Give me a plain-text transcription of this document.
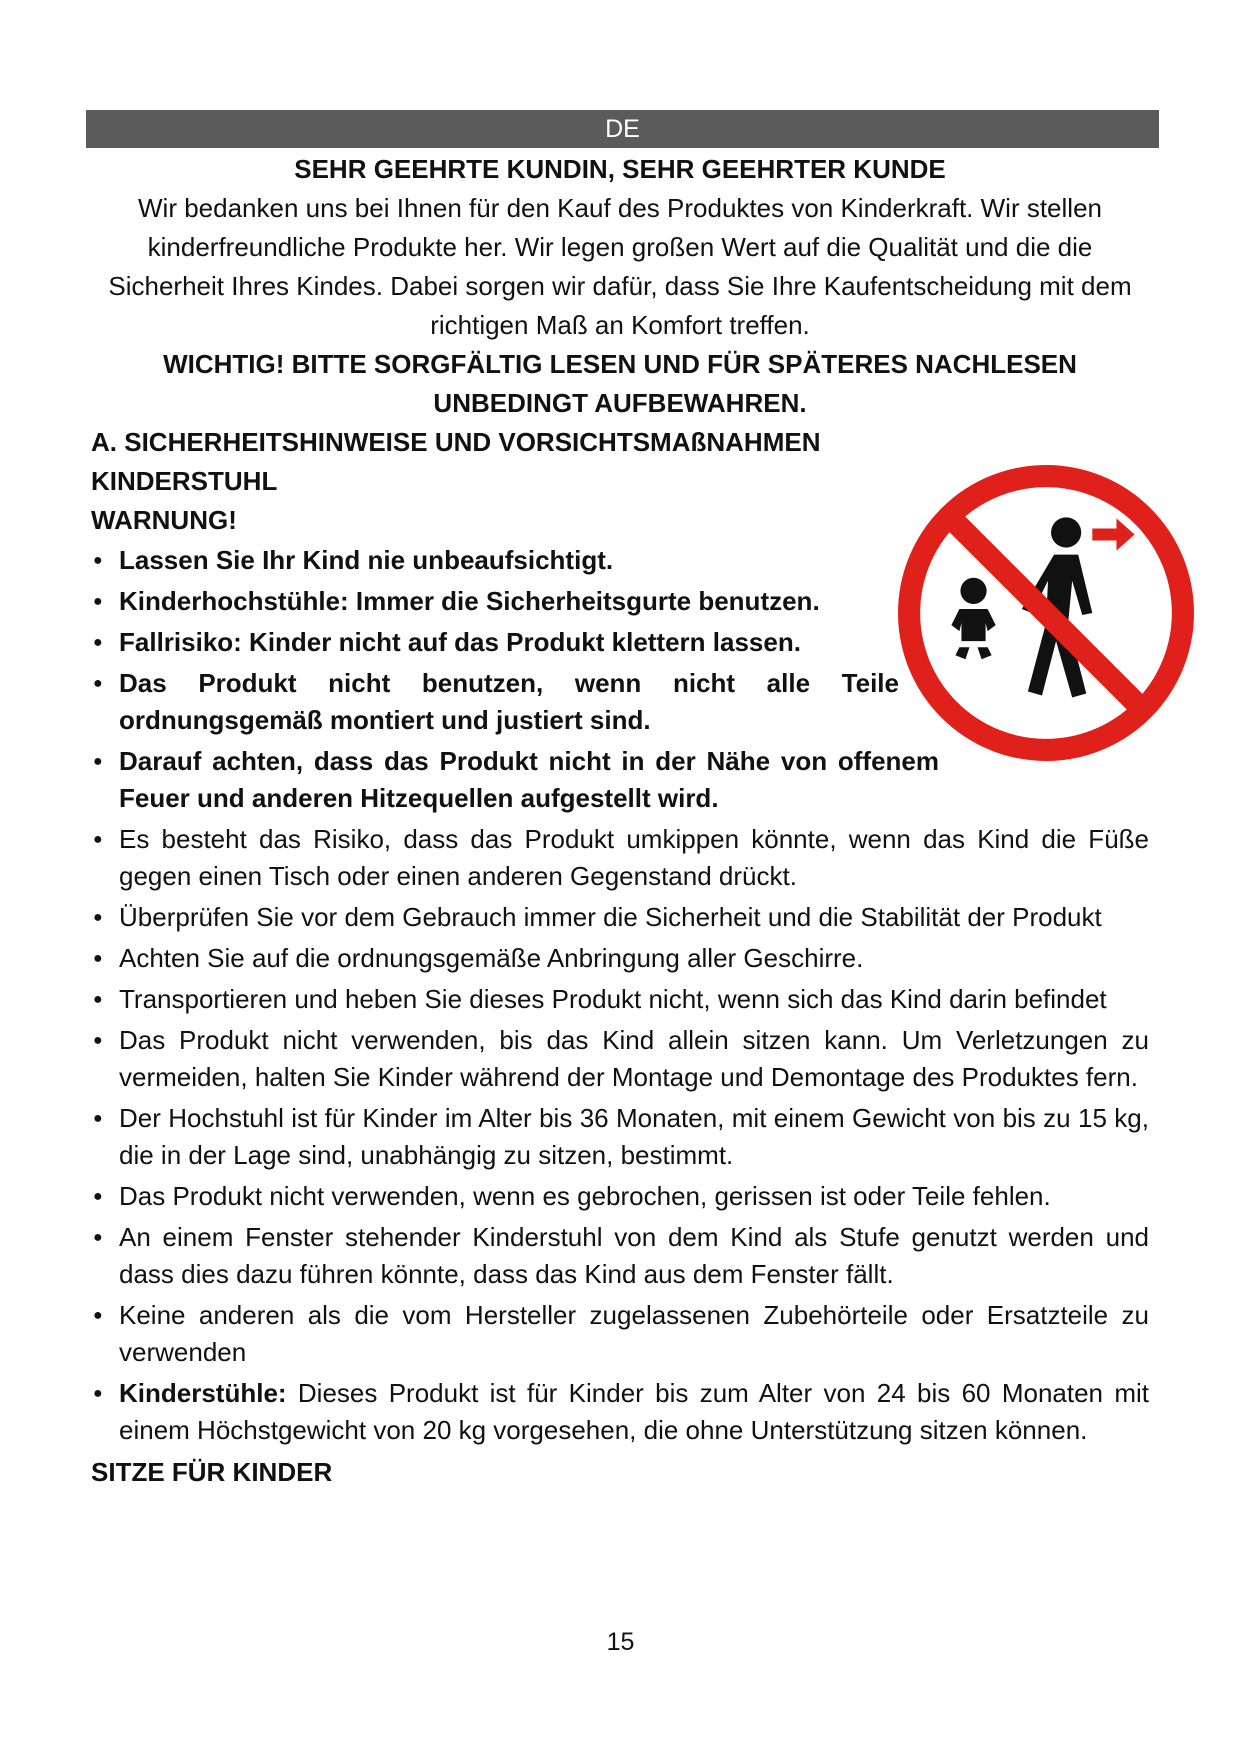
DE

SEHR GEEHRTE KUNDIN, SEHR GEEHRTER KUNDE

Wir bedanken uns bei Ihnen für den Kauf des Produktes von Kinderkraft. Wir stellen kinderfreundliche Produkte her. Wir legen großen Wert auf die Qualität und die die Sicherheit Ihres Kindes. Dabei sorgen wir dafür, dass Sie Ihre Kaufentscheidung mit dem richtigen Maß an Komfort treffen.

WICHTIG! BITTE SORGFÄLTIG LESEN UND FÜR SPÄTERES NACHLESEN UNBEDINGT AUFBEWAHREN.

A. SICHERHEITSHINWEISE UND VORSICHTSMAßNAHMEN

KINDERSTUHL

WARNUNG!

● Lassen Sie Ihr Kind nie unbeaufsichtigt.
● Kinderhochstühle: Immer die Sicherheitsgurte benutzen.
● Fallrisiko: Kinder nicht auf das Produkt klettern lassen.
● Das Produkt nicht benutzen, wenn nicht alle Teile ordnungsgemäß montiert und justiert sind.
● Darauf achten, dass das Produkt nicht in der Nähe von offenem Feuer und anderen Hitzequellen aufgestellt wird.
● Es besteht das Risiko, dass das Produkt umkippen könnte, wenn das Kind die Füße gegen einen Tisch oder einen anderen Gegenstand drückt.
● Überprüfen Sie vor dem Gebrauch immer die Sicherheit und die Stabilität der Produkt
● Achten Sie auf die ordnungsgemäße Anbringung aller Geschirre.
● Transportieren und heben Sie dieses Produkt nicht, wenn sich das Kind darin befindet
● Das Produkt nicht verwenden, bis das Kind allein sitzen kann. Um Verletzungen zu vermeiden, halten Sie Kinder während der Montage und Demontage des Produktes fern.
● Der Hochstuhl ist für Kinder im Alter bis 36 Monaten, mit einem Gewicht von bis zu 15 kg, die in der Lage sind, unabhängig zu sitzen, bestimmt.
● Das Produkt nicht verwenden, wenn es gebrochen, gerissen ist oder Teile fehlen.
● An einem Fenster stehender Kinderstuhl von dem Kind als Stufe genutzt werden und dass dies dazu führen könnte, dass das Kind aus dem Fenster fällt.
● Keine anderen als die vom Hersteller zugelassenen Zubehörteile oder Ersatzteile zu verwenden
● Kinderstühle: Dieses Produkt ist für Kinder bis zum Alter von 24 bis 60 Monaten mit einem Höchstgewicht von 20 kg vorgesehen, die ohne Unterstützung sitzen können.

SITZE FÜR KINDER

15
